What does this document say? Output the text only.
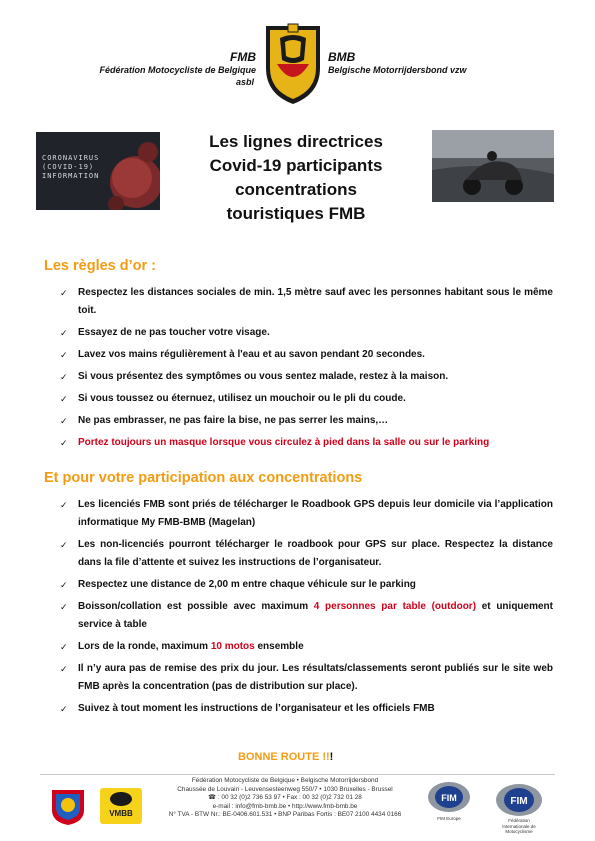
FMB
Fédération Motocycliste de Belgique
asbl
BMB
Belgische Motorrijdersbond vzw
CORONAVIRUS
(COVID-19)
INFORMATION
Les lignes directrices
Covid-19 participants
concentrations
touristiques FMB
Les règles d’or :
✓ Respectez les distances sociales de min. 1,5 mètre sauf avec les personnes habitant sous le même toit.
✓ Essayez de ne pas toucher votre visage.
✓ Lavez vos mains régulièrement à l'eau et au savon pendant 20 secondes.
✓ Si vous présentez des symptômes ou vous sentez malade, restez à la maison.
✓ Si vous toussez ou éternuez, utilisez un mouchoir ou le pli du coude.
✓ Ne pas embrasser, ne pas faire la bise, ne pas serrer les mains,…
✓ Portez toujours un masque lorsque vous circulez à pied dans la salle ou sur le parking
Et pour votre participation aux concentrations
✓ Les licenciés FMB sont priés de télécharger le Roadbook GPS depuis leur domicile via l’application informatique My FMB-BMB (Magelan)
✓ Les non-licenciés pourront télécharger le roadbook pour GPS sur place. Respectez la distance dans la file d’attente et suivez les instructions de l’organisateur.
✓ Respectez une distance de 2,00 m entre chaque véhicule sur le parking
✓ Boisson/collation est possible avec maximum 4 personnes par table (outdoor) et uniquement service à table
✓ Lors de la ronde, maximum 10 motos ensemble
✓ Il n’y aura pas de remise des prix du jour. Les résultats/classements seront publiés sur le site web FMB après la concentration (pas de distribution sur place).
✓ Suivez à tout moment les instructions de l’organisateur et les officiels FMB
BONNE ROUTE !!!
VMBB
Fédération Motocycliste de Belgique • Belgische Motorrijdersbond
Chaussée de Louvain - Leuvensesteenweg 550/7 • 1030 Bruxelles - Brussel
☎ : 00 32 (0)2 736 53 97 • Fax : 00 32 (0)2 732 01 28
e-mail : info@fmb-bmb.be • http://www.fmb-bmb.be
N° TVA - BTW Nr.: BE-0406.601.531 • BNP Paribas Fortis : BE07 2100 4434 0166
FIM
FIM Europe
FIM
Fédération Internationale de Motocyclisme
